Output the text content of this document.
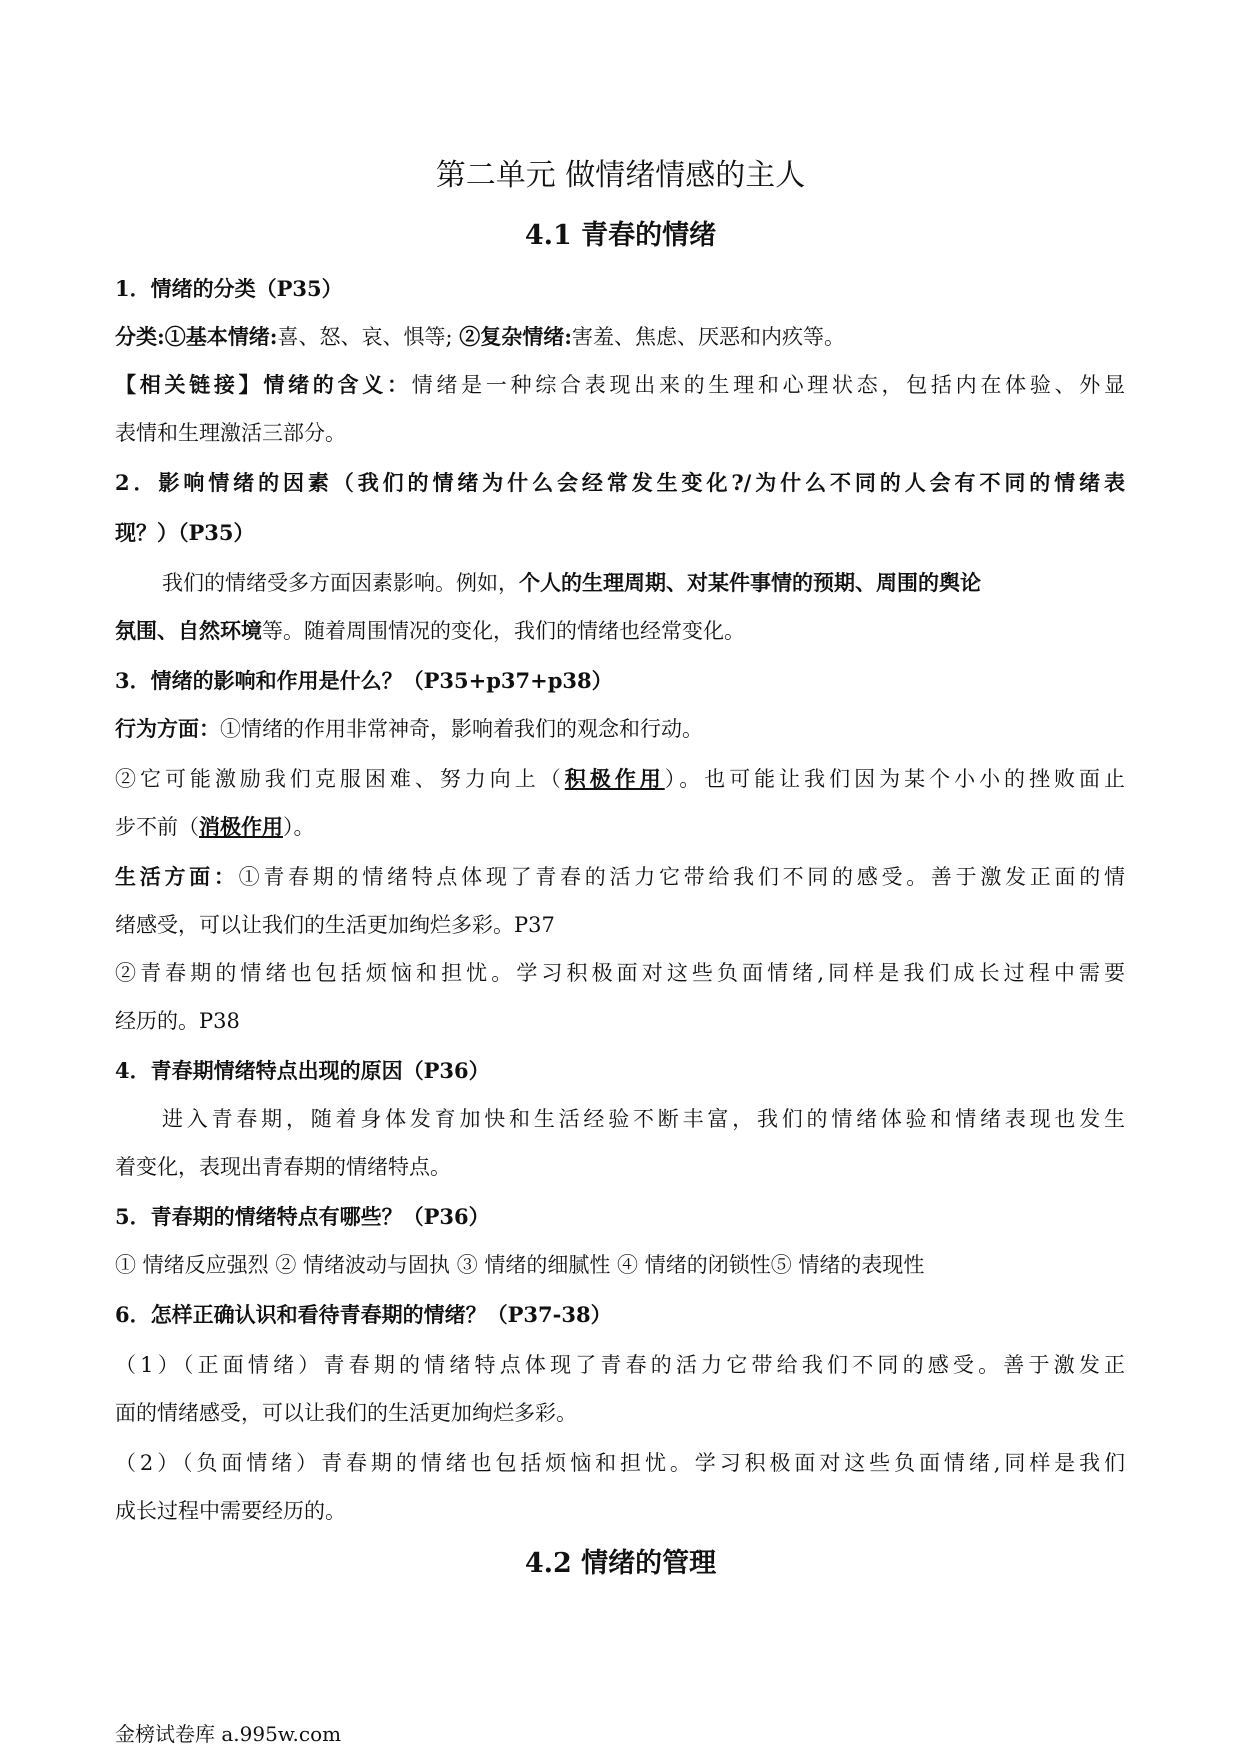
第二单元 做情绪情感的主人
4.1 青春的情绪
1．情绪的分类（P35）
分类:①基本情绪:喜、怒、哀、惧等; ②复杂情绪:害羞、焦虑、厌恶和内疚等。
【相关链接】情绪的含义：情绪是一种综合表现出来的生理和心理状态，包括内在体验、外显
表情和生理激活三部分。
2．影响情绪的因素（我们的情绪为什么会经常发生变化?/为什么不同的人会有不同的情绪表
现？）（P35）
我们的情绪受多方面因素影响。例如，个人的生理周期、对某件事情的预期、周围的舆论
氛围、自然环境等。随着周围情况的变化，我们的情绪也经常变化。
3．情绪的影响和作用是什么？（P35+p37+p38）
行为方面：①情绪的作用非常神奇，影响着我们的观念和行动。
②它可能激励我们克服困难、努力向上（积极作用）。也可能让我们因为某个小小的挫败面止
步不前（消极作用）。
生活方面：①青春期的情绪特点体现了青春的活力它带给我们不同的感受。善于激发正面的情
绪感受，可以让我们的生活更加绚烂多彩。P37
②青春期的情绪也包括烦恼和担忧。学习积极面对这些负面情绪,同样是我们成长过程中需要
经历的。P38
4．青春期情绪特点出现的原因（P36）
进入青春期，随着身体发育加快和生活经验不断丰富，我们的情绪体验和情绪表现也发生
着变化，表现出青春期的情绪特点。
5．青春期的情绪特点有哪些？（P36）
① 情绪反应强烈 ② 情绪波动与固执 ③ 情绪的细腻性 ④ 情绪的闭锁性⑤ 情绪的表现性
6．怎样正确认识和看待青春期的情绪？（P37-38）
（1）（正面情绪）青春期的情绪特点体现了青春的活力它带给我们不同的感受。善于激发正
面的情绪感受，可以让我们的生活更加绚烂多彩。
（2）（负面情绪）青春期的情绪也包括烦恼和担忧。学习积极面对这些负面情绪,同样是我们
成长过程中需要经历的。
4.2 情绪的管理
金榜试卷库 a.995w.com
